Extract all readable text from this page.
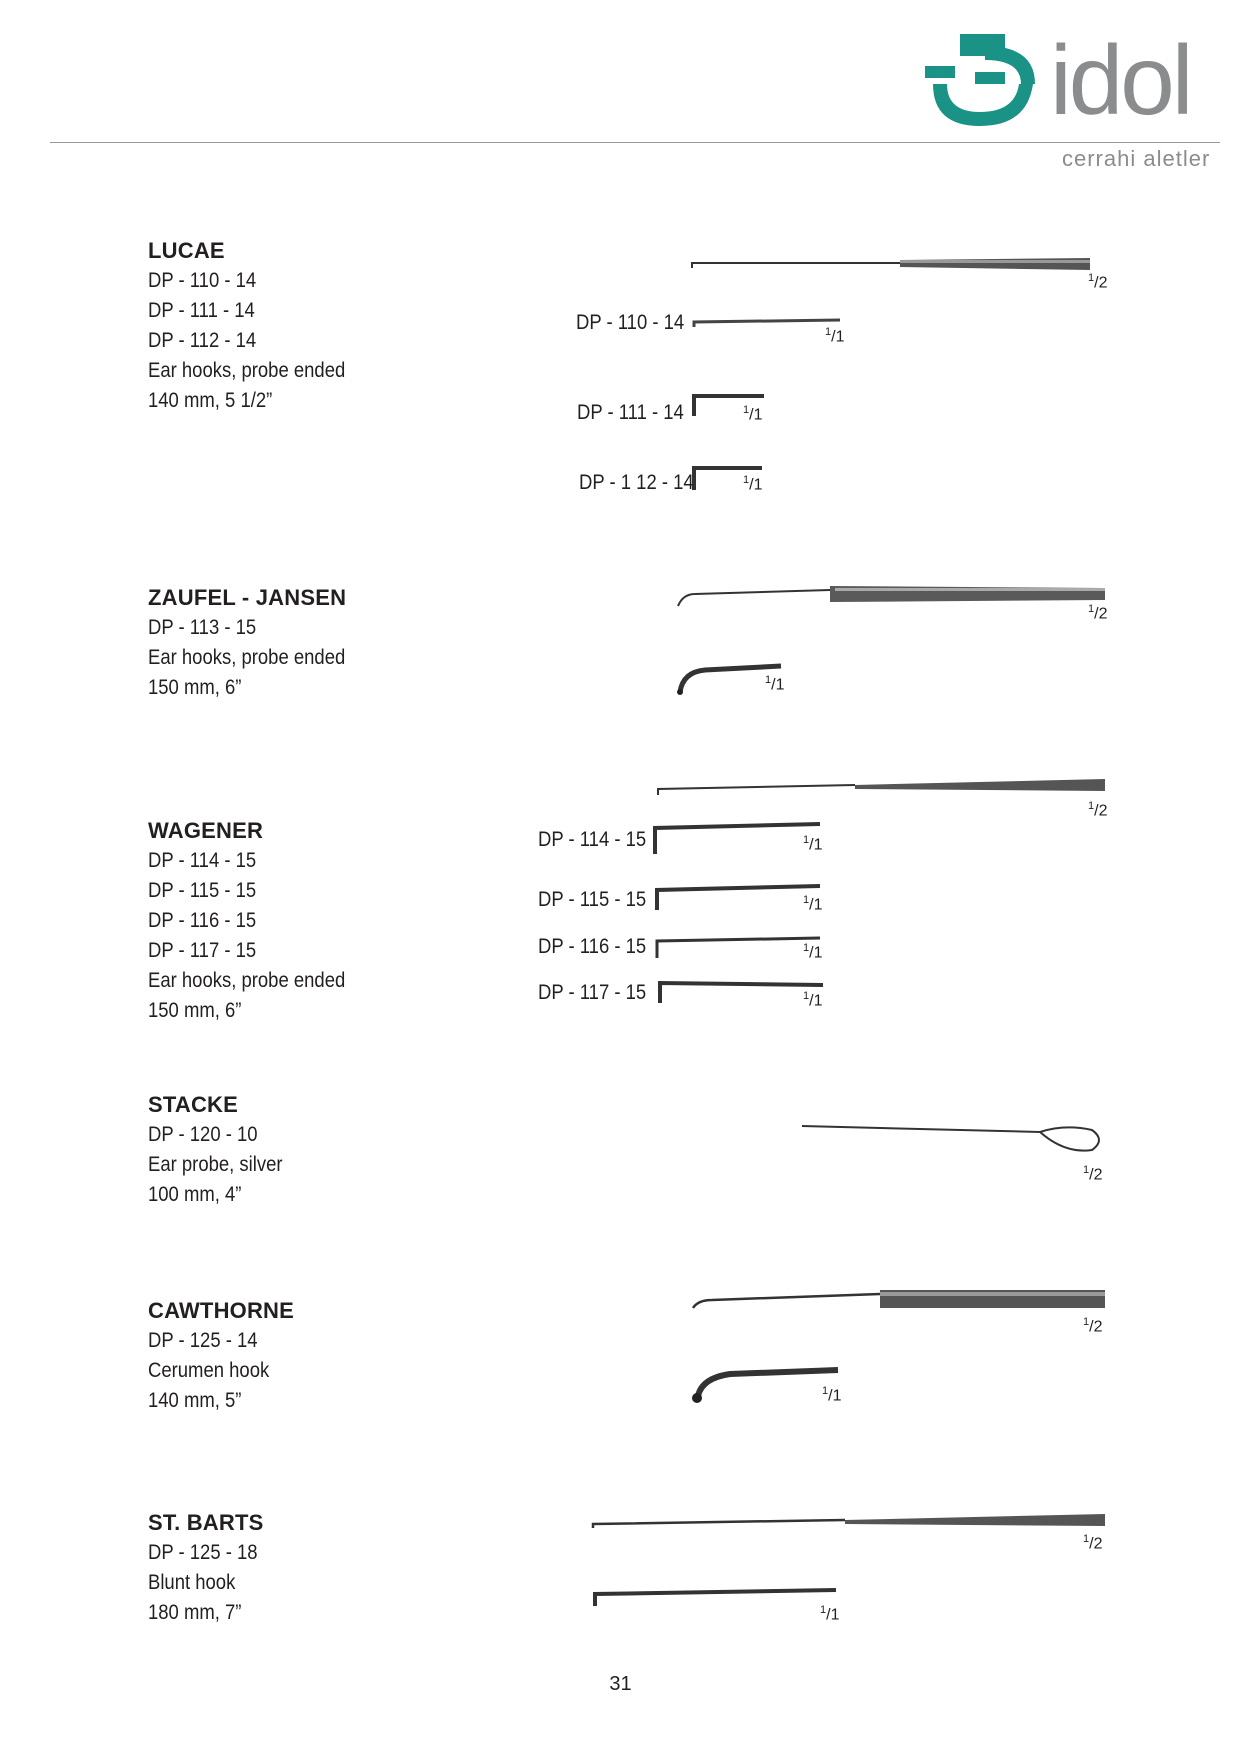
idol
cerrahi aletler
LUCAE
DP - 110 - 14
DP - 111 - 14
DP - 112 - 14
Ear hooks, probe ended
140 mm, 5 1/2”
ZAUFEL - JANSEN
DP - 113 - 15
Ear hooks, probe ended
150 mm, 6”
WAGENER
DP - 114 - 15
DP - 115 - 15
DP - 116 - 15
DP - 117 - 15
Ear hooks, probe ended
150 mm, 6”
STACKE
DP - 120 - 10
Ear probe, silver
100 mm, 4”
CAWTHORNE
DP - 125 - 14
Cerumen hook
140 mm, 5”
ST. BARTS
DP - 125 - 18
Blunt hook
180 mm, 7”
DP - 110 - 14
DP - 111 - 14
DP - 1 12 - 14
DP - 114 - 15
DP - 115 - 15
DP - 116 - 15
DP - 117 - 15
$^1$/2
$^1$/1
$^1$/1
$^1$/1
$^1$/2
$^1$/1
$^1$/2
$^1$/1
$^1$/1
$^1$/1
$^1$/1
$^1$/2
$^1$/2
$^1$/1
$^1$/2
$^1$/1
31
